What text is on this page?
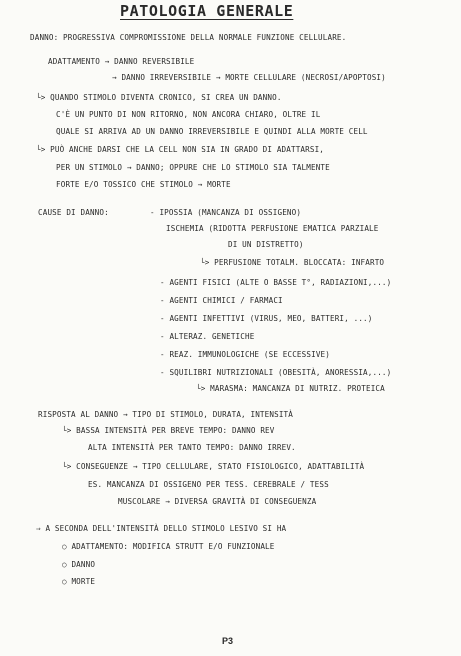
PATOLOGIA GENERALE
DANNO: PROGRESSIVA COMPROMISSIONE DELLA NORMALE FUNZIONE CELLULARE.
ADATTAMENTO → DANNO REVERSIBILE
→ DANNO IRREVERSIBILE → MORTE CELLULARE (NECROSI/APOPTOSI)
└> QUANDO STIMOLO DIVENTA CRONICO, SI CREA UN DANNO.
C'È UN PUNTO DI NON RITORNO, NON ANCORA CHIARO, OLTRE IL
QUALE SI ARRIVA AD UN DANNO IRREVERSIBILE E QUINDI ALLA MORTE CELL
└> PUÒ ANCHE DARSI CHE LA CELL NON SIA IN GRADO DI ADATTARSI,
PER UN STIMOLO → DANNO; OPPURE CHE LO STIMOLO SIA TALMENTE
FORTE E/O TOSSICO CHE STIMOLO → MORTE
CAUSE DI DANNO:	- IPOSSIA (MANCANZA DI OSSIGENO)
ISCHEMIA (RIDOTTA PERFUSIONE EMATICA PARZIALE
DI UN DISTRETTO)
└> PERFUSIONE TOTALM. BLOCCATA: INFARTO
- AGENTI FISICI (ALTE O BASSE T°, RADIAZIONI,...)
- AGENTI CHIMICI / FARMACI
- AGENTI INFETTIVI (VIRUS, MEO, BATTERI, ...)
- ALTERAZ. GENETICHE
- REAZ. IMMUNOLOGICHE (SE ECCESSIVE)
- SQUILIBRI NUTRIZIONALI (OBESITÀ, ANORESSIA,...)
└> MARASMA: MANCANZA DI NUTRIZ. PROTEICA
RISPOSTA AL DANNO → TIPO DI STIMOLO, DURATA, INTENSITÀ
└> BASSA INTENSITÀ PER BREVE TEMPO: DANNO REV
ALTA INTENSITÀ PER TANTO TEMPO: DANNO IRREV.
└> CONSEGUENZE → TIPO CELLULARE, STATO FISIOLOGICO, ADATTABILITÀ
ES. MANCANZA DI OSSIGENO PER TESS. CEREBRALE / TESS
MUSCOLARE → DIVERSA GRAVITÀ DI CONSEGUENZA
⇒ A SECONDA DELL'INTENSITÀ DELLO STIMOLO LESIVO SI HA
○ ADATTAMENTO: MODIFICA STRUTT E/O FUNZIONALE
○ DANNO
○ MORTE
P3
